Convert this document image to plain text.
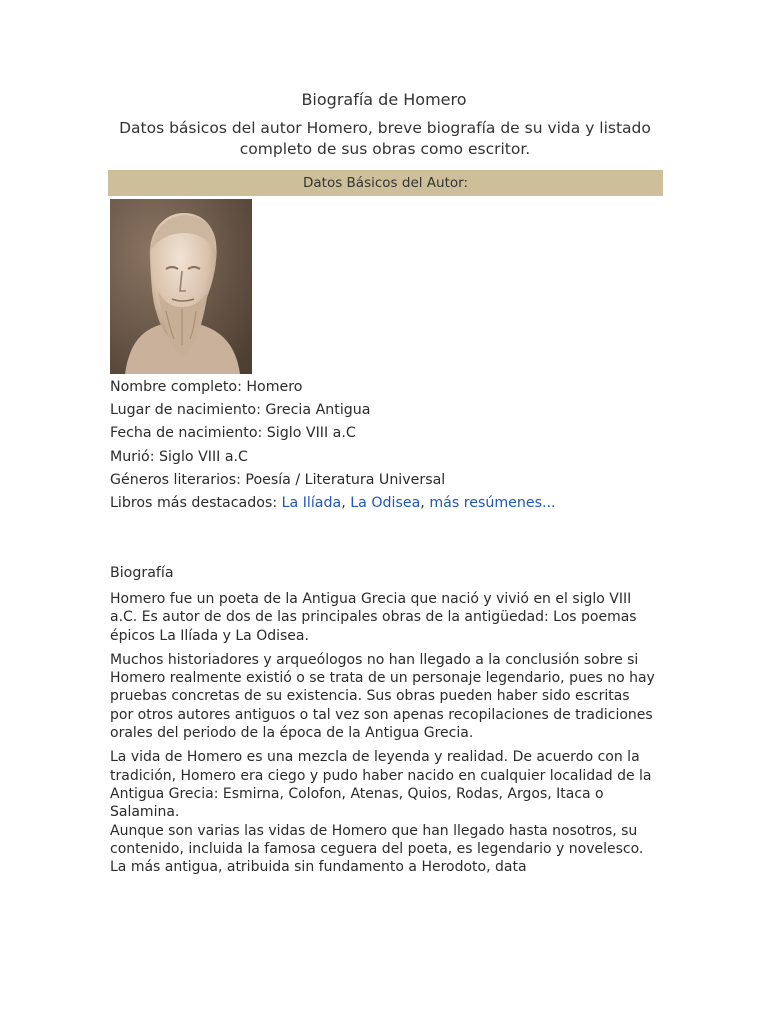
Biografía de Homero
Datos básicos del autor Homero, breve biografía de su vida y listado completo de sus obras como escritor.
Datos Básicos del Autor:
Nombre completo: Homero
Lugar de nacimiento: Grecia Antigua
Fecha de nacimiento: Siglo VIII a.C
Murió: Siglo VIII a.C
Géneros literarios: Poesía / Literatura Universal
Libros más destacados: La Ilíada, La Odisea, más resúmenes...
Biografía

Homero fue un poeta de la Antigua Grecia que nació y vivió en el siglo VIII a.C. Es autor de dos de las principales obras de la antigüedad: Los poemas épicos La Ilíada y La Odisea.

Muchos historiadores y arqueólogos no han llegado a la conclusión sobre si Homero realmente existió o se trata de un personaje legendario, pues no hay pruebas concretas de su existencia. Sus obras pueden haber sido escritas por otros autores antiguos o tal vez son apenas recopilaciones de tradiciones orales del periodo de la época de la Antigua Grecia.

La vida de Homero es una mezcla de leyenda y realidad. De acuerdo con la tradición, Homero era ciego y pudo haber nacido en cualquier localidad de la Antigua Grecia: Esmirna, Colofon, Atenas, Quios, Rodas, Argos, Itaca o Salamina.

Aunque son varias las vidas de Homero que han llegado hasta nosotros, su contenido, incluida la famosa ceguera del poeta, es legendario y novelesco. La más antigua, atribuida sin fundamento a Herodoto, data
